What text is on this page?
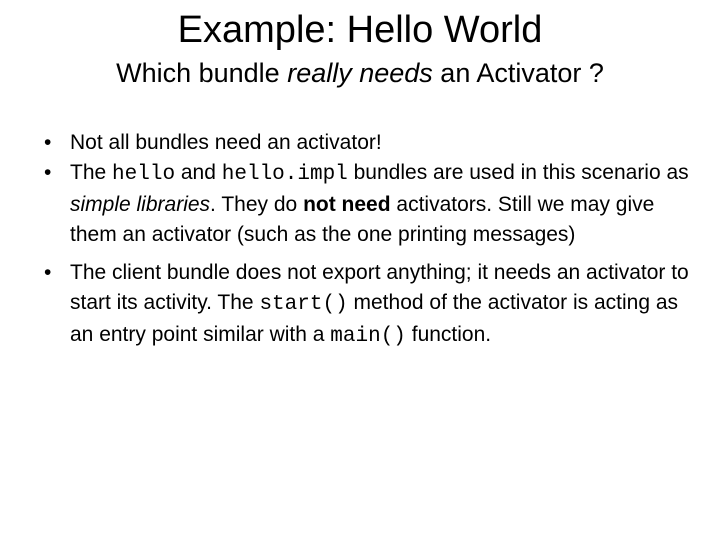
Example: Hello World
Which bundle really needs an Activator ?
• Not all bundles need an activator!
• The hello and hello.impl bundles are used in this scenario as simple libraries. They do not need activators. Still we may give them an activator (such as the one printing messages)
• The client bundle does not export anything; it needs an activator to start its activity. The start() method of the activator is acting as an entry point similar with a main() function.
